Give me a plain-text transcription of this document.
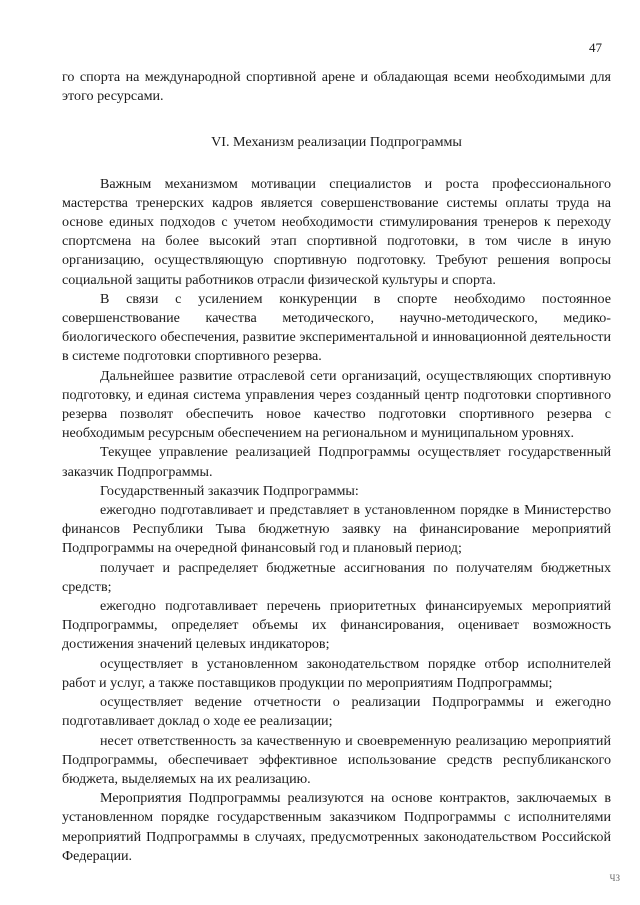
47

го спорта на международной спортивной арене и обладающая всеми необходимыми для этого ресурсами.

VI. Механизм реализации Подпрограммы

Важным механизмом мотивации специалистов и роста профессионального мастерства тренерских кадров является совершенствование системы оплаты труда на основе единых подходов с учетом необходимости стимулирования тренеров к переходу спортсмена на более высокий этап спортивной подготовки, в том числе в иную организацию, осуществляющую спортивную подготовку. Требуют решения вопросы социальной защиты работников отрасли физической культуры и спорта.

В связи с усилением конкуренции в спорте необходимо постоянное совершенствование качества методического, научно-методического, медико-биологического обеспечения, развитие экспериментальной и инновационной деятельности в системе подготовки спортивного резерва.

Дальнейшее развитие отраслевой сети организаций, осуществляющих спортивную подготовку, и единая система управления через созданный центр подготовки спортивного резерва позволят обеспечить новое качество подготовки спортивного резерва с необходимым ресурсным обеспечением на региональном и муниципальном уровнях.

Текущее управление реализацией Подпрограммы осуществляет государственный заказчик Подпрограммы.

Государственный заказчик Подпрограммы:

ежегодно подготавливает и представляет в установленном порядке в Министерство финансов Республики Тыва бюджетную заявку на финансирование мероприятий Подпрограммы на очередной финансовый год и плановый период;

получает и распределяет бюджетные ассигнования по получателям бюджетных средств;

ежегодно подготавливает перечень приоритетных финансируемых мероприятий Подпрограммы, определяет объемы их финансирования, оценивает возможность достижения значений целевых индикаторов;

осуществляет в установленном законодательством порядке отбор исполнителей работ и услуг, а также поставщиков продукции по мероприятиям Подпрограммы;

осуществляет ведение отчетности о реализации Подпрограммы и ежегодно подготавливает доклад о ходе ее реализации;

несет ответственность за качественную и своевременную реализацию мероприятий Подпрограммы, обеспечивает эффективное использование средств республиканского бюджета, выделяемых на их реализацию.

Мероприятия Подпрограммы реализуются на основе контрактов, заключаемых в установленном порядке государственным заказчиком Подпрограммы с исполнителями мероприятий Подпрограммы в случаях, предусмотренных законодательством Российской Федерации.

ЧЗ
